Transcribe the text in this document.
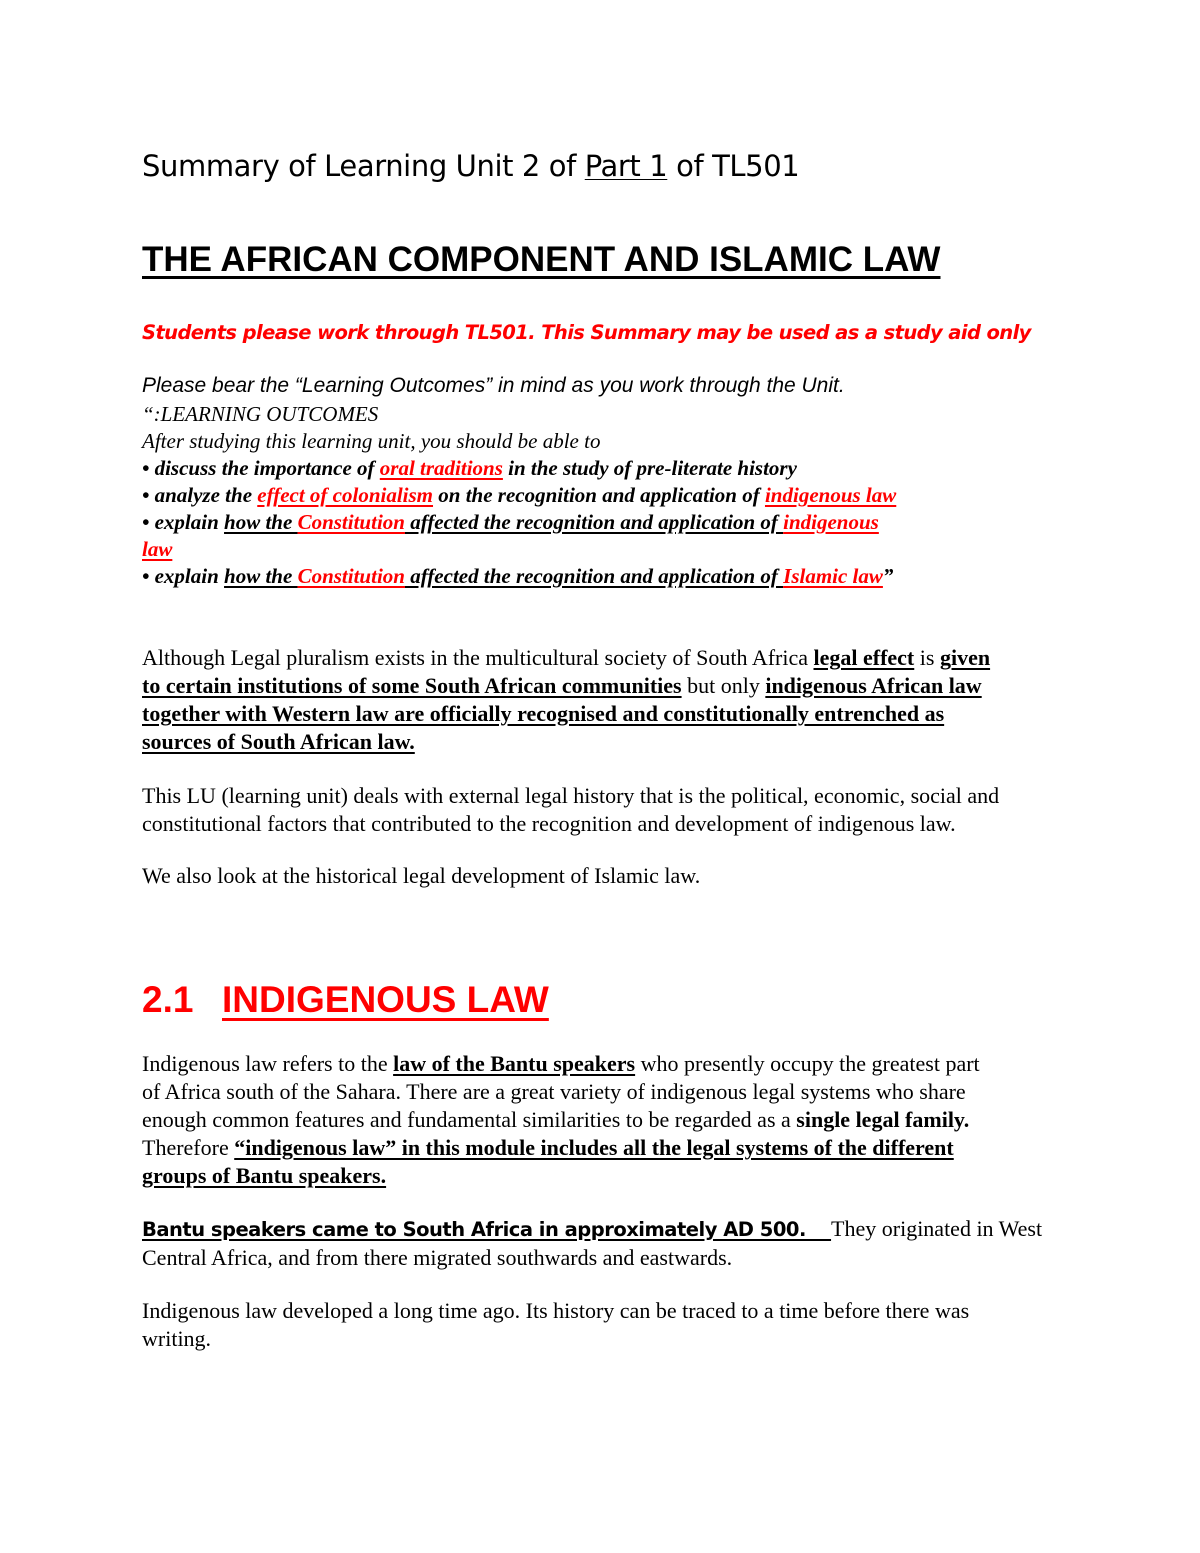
Summary of Learning Unit 2 of Part 1 of TL501
THE AFRICAN COMPONENT AND ISLAMIC LAW
Students please work through TL501. This Summary may be used as a study aid only
Please bear the “Learning Outcomes” in mind as you work through the Unit.
“:LEARNING OUTCOMES
After studying this learning unit, you should be able to
• discuss the importance of oral traditions in the study of pre-literate history
• analyze the effect of colonialism on the recognition and application of indigenous law
• explain how the Constitution affected the recognition and application of indigenous
law
• explain how the Constitution affected the recognition and application of Islamic law”
Although Legal pluralism exists in the multicultural society of South Africa legal effect is given
to certain institutions of some South African communities but only indigenous African law
together with Western law are officially recognised and constitutionally entrenched as
sources of South African law.
This LU (learning unit) deals with external legal history that is the political, economic, social and
constitutional factors that contributed to the recognition and development of indigenous law.
We also look at the historical legal development of Islamic law.
2.1 INDIGENOUS LAW
Indigenous law refers to the law of the Bantu speakers who presently occupy the greatest part
of Africa south of the Sahara. There are a great variety of indigenous legal systems who share
enough common features and fundamental similarities to be regarded as a single legal family.
Therefore “indigenous law” in this module includes all the legal systems of the different
groups of Bantu speakers.
Bantu speakers came to South Africa in approximately AD 500.    They originated in West
Central Africa, and from there migrated southwards and eastwards.
Indigenous law developed a long time ago. Its history can be traced to a time before there was
writing.
